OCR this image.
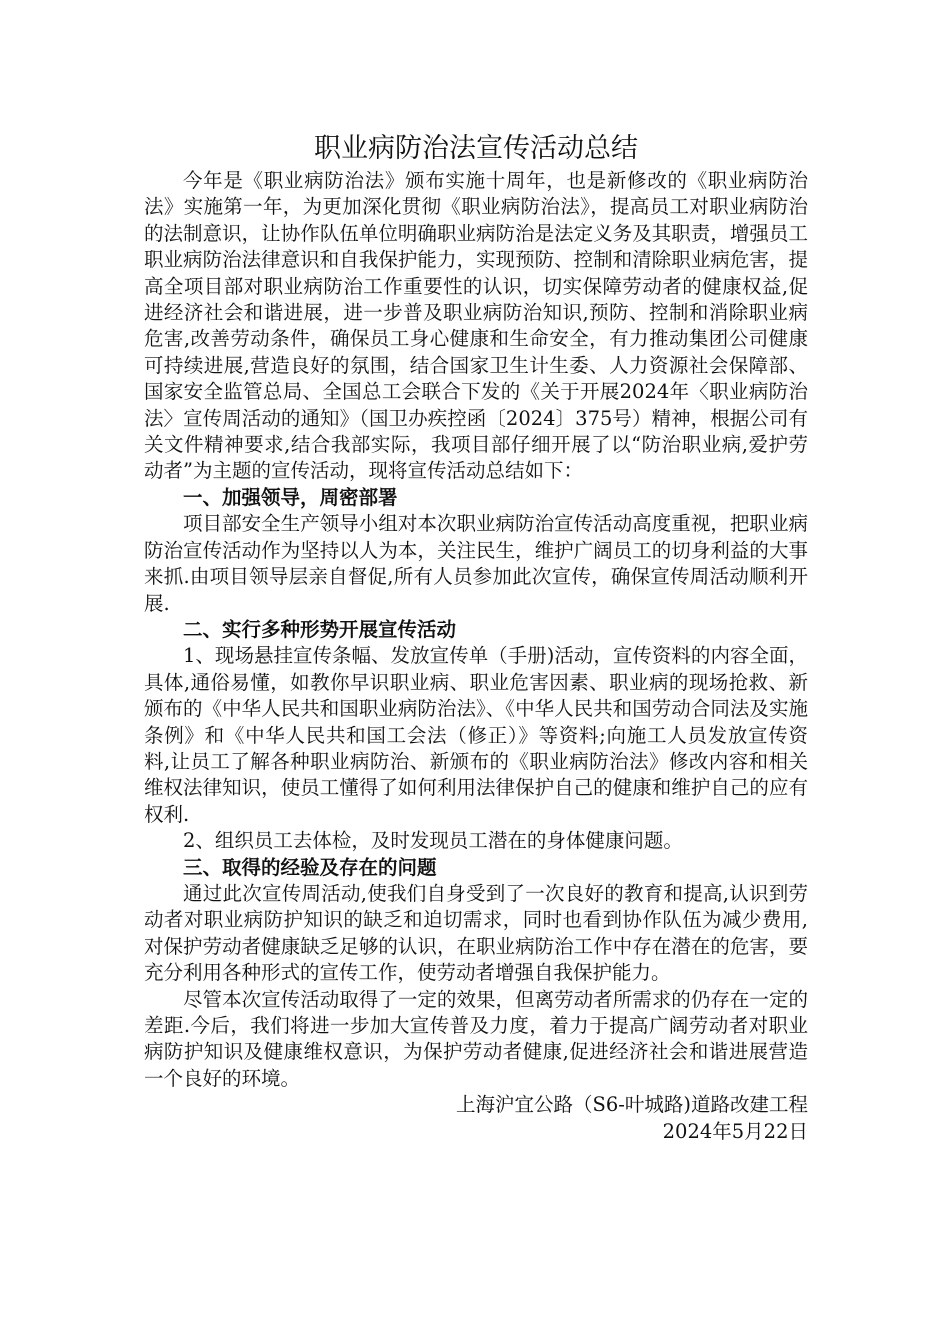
职业病防治法宣传活动总结

今年是《职业病防治法》颁布实施十周年，也是新修改的《职业病防治法》实施第一年，为更加深化贯彻《职业病防治法》，提高员工对职业病防治的法制意识，让协作队伍单位明确职业病防治是法定义务及其职责，增强员工职业病防治法律意识和自我保护能力，实现预防、控制和清除职业病危害，提高全项目部对职业病防治工作重要性的认识，切实保障劳动者的健康权益,促进经济社会和谐进展，进一步普及职业病防治知识,预防、控制和消除职业病危害,改善劳动条件，确保员工身心健康和生命安全，有力推动集团公司健康可持续进展,营造良好的氛围，结合国家卫生计生委、人力资源社会保障部、国家安全监管总局、全国总工会联合下发的《关于开展2024年〈职业病防治法〉宣传周活动的通知》（国卫办疾控函〔2024〕375号）精神，根据公司有关文件精神要求,结合我部实际，我项目部仔细开展了以“防治职业病,爱护劳动者”为主题的宣传活动，现将宣传活动总结如下：

一、加强领导，周密部署

项目部安全生产领导小组对本次职业病防治宣传活动高度重视，把职业病防治宣传活动作为坚持以人为本，关注民生，维护广阔员工的切身利益的大事来抓.由项目领导层亲自督促,所有人员参加此次宣传，确保宣传周活动顺利开展.

二、实行多种形势开展宣传活动

1、现场悬挂宣传条幅、发放宣传单（手册)活动，宣传资料的内容全面，具体,通俗易懂，如教你早识职业病、职业危害因素、职业病的现场抢救、新颁布的《中华人民共和国职业病防治法》、《中华人民共和国劳动合同法及实施条例》和《中华人民共和国工会法（修正）》等资料;向施工人员发放宣传资料,让员工了解各种职业病防治、新颁布的《职业病防治法》修改内容和相关维权法律知识，使员工懂得了如何利用法律保护自己的健康和维护自己的应有权利.

2、组织员工去体检，及时发现员工潜在的身体健康问题。

三、取得的经验及存在的问题

通过此次宣传周活动,使我们自身受到了一次良好的教育和提高,认识到劳动者对职业病防护知识的缺乏和迫切需求，同时也看到协作队伍为减少费用,对保护劳动者健康缺乏足够的认识，在职业病防治工作中存在潜在的危害，要充分利用各种形式的宣传工作，使劳动者增强自我保护能力。

尽管本次宣传活动取得了一定的效果，但离劳动者所需求的仍存在一定的差距.今后，我们将进一步加大宣传普及力度，着力于提高广阔劳动者对职业病防护知识及健康维权意识，为保护劳动者健康,促进经济社会和谐进展营造一个良好的环境。

上海沪宜公路（S6-叶城路)道路改建工程

2024年5月22日
